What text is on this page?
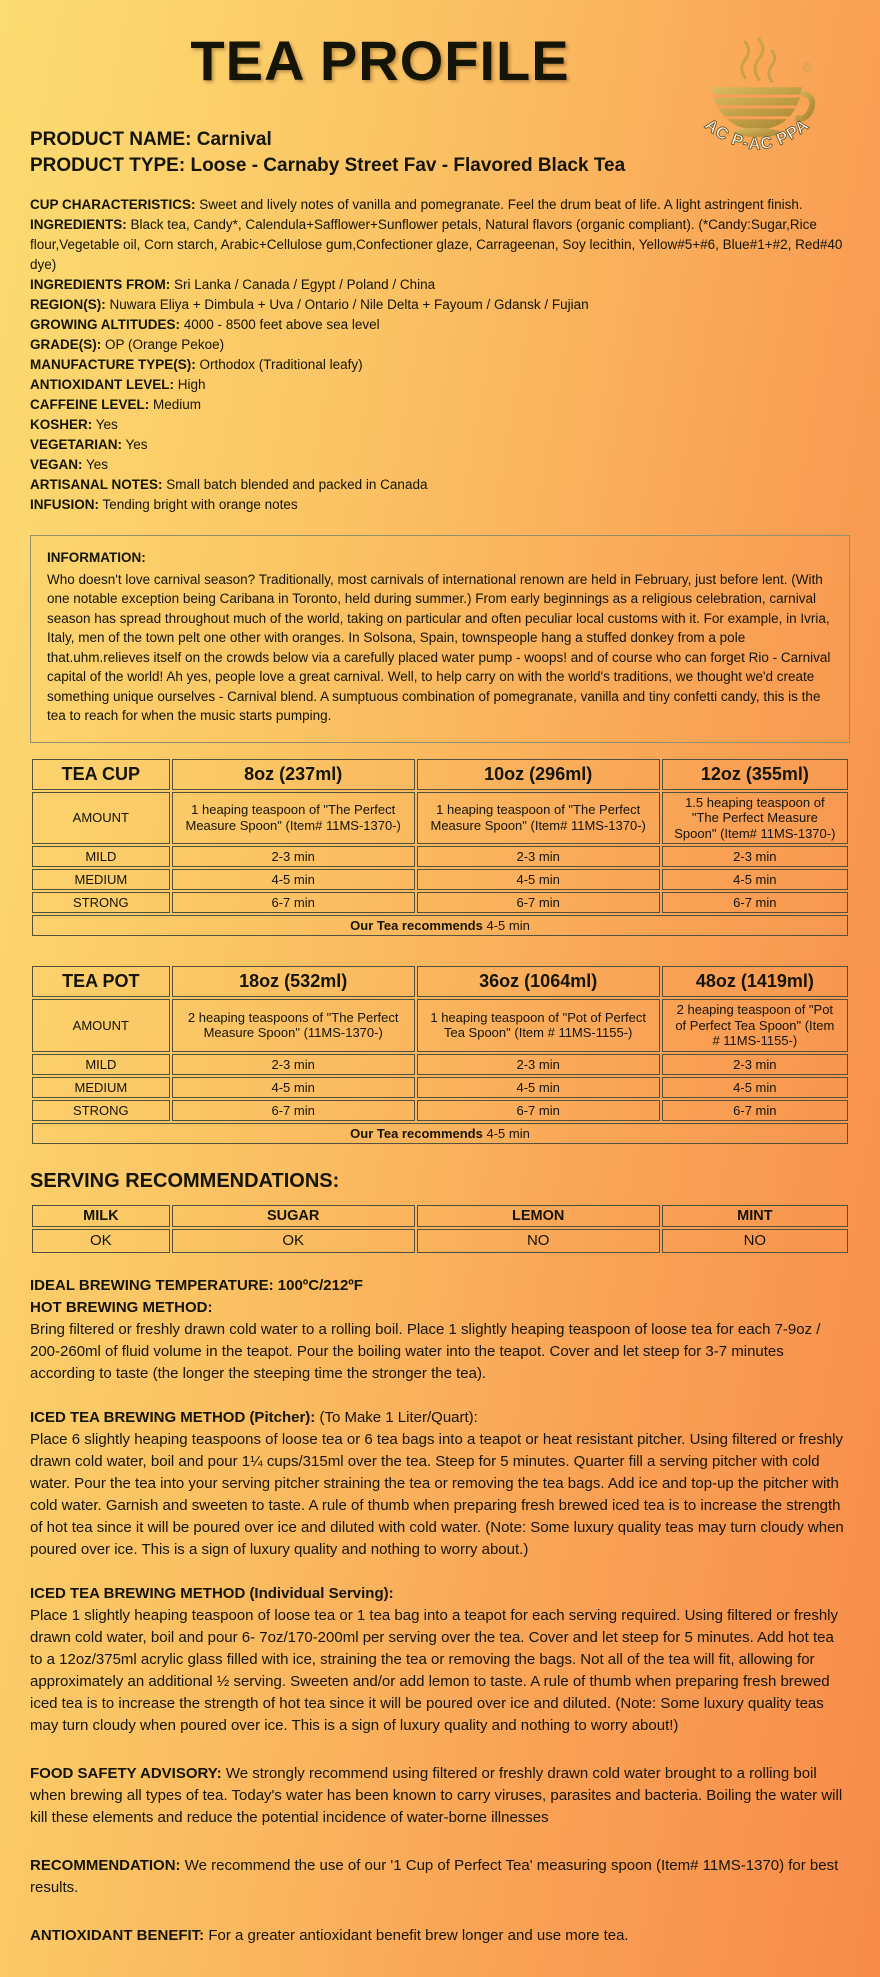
TEA PROFILE	©
AC P-AC PPA
PRODUCT NAME: Carnival
PRODUCT TYPE: Loose - Carnaby Street Fav - Flavored Black Tea
CUP CHARACTERISTICS: Sweet and lively notes of vanilla and pomegranate. Feel the drum beat of life. A light astringent finish.
INGREDIENTS: Black tea, Candy*, Calendula+Safflower+Sunflower petals, Natural flavors (organic compliant). (*Candy:Sugar,Rice flour,Vegetable oil, Corn starch, Arabic+Cellulose gum,Confectioner glaze, Carrageenan, Soy lecithin, Yellow#5+#6, Blue#1+#2, Red#40 dye)
INGREDIENTS FROM: Sri Lanka / Canada / Egypt / Poland / China
REGION(S): Nuwara Eliya + Dimbula + Uva / Ontario / Nile Delta + Fayoum / Gdansk / Fujian
GROWING ALTITUDES: 4000 - 8500 feet above sea level
GRADE(S): OP (Orange Pekoe)
MANUFACTURE TYPE(S): Orthodox (Traditional leafy)
ANTIOXIDANT LEVEL: High
CAFFEINE LEVEL: Medium
KOSHER: Yes
VEGETARIAN: Yes
VEGAN: Yes
ARTISANAL NOTES: Small batch blended and packed in Canada
INFUSION: Tending bright with orange notes
INFORMATION:
Who doesn't love carnival season? Traditionally, most carnivals of international renown are held in February, just before lent. (With one notable exception being Caribana in Toronto, held during summer.) From early beginnings as a religious celebration, carnival season has spread throughout much of the world, taking on particular and often peculiar local customs with it. For example, in Ivria, Italy, men of the town pelt one other with oranges. In Solsona, Spain, townspeople hang a stuffed donkey from a pole that.uhm.relieves itself on the crowds below via a carefully placed water pump - woops! and of course who can forget Rio - Carnival capital of the world! Ah yes, people love a great carnival. Well, to help carry on with the world's traditions, we thought we'd create something unique ourselves - Carnival blend. A sumptuous combination of pomegranate, vanilla and tiny confetti candy, this is the tea to reach for when the music starts pumping.
TEA CUP	8oz (237ml)	10oz (296ml)	12oz (355ml)
AMOUNT	1 heaping teaspoon of "The Perfect Measure Spoon" (Item# 11MS-1370-)	1 heaping teaspoon of "The Perfect Measure Spoon" (Item# 11MS-1370-)	1.5 heaping teaspoon of "The Perfect Measure Spoon" (Item# 11MS-1370-)
MILD	2-3 min	2-3 min	2-3 min
MEDIUM	4-5 min	4-5 min	4-5 min
STRONG	6-7 min	6-7 min	6-7 min
Our Tea recommends 4-5 min			
TEA POT	18oz (532ml)	36oz (1064ml)	48oz (1419ml)
AMOUNT	2 heaping teaspoons of "The Perfect Measure Spoon" (11MS-1370-)	1 heaping teaspoon of "Pot of Perfect Tea Spoon" (Item # 11MS-1155-)	2 heaping teaspoon of "Pot of Perfect Tea Spoon" (Item # 11MS-1155-)
MILD	2-3 min	2-3 min	2-3 min
MEDIUM	4-5 min	4-5 min	4-5 min
STRONG	6-7 min	6-7 min	6-7 min
Our Tea recommends 4-5 min			
SERVING RECOMMENDATIONS:
MILK	SUGAR	LEMON	MINT
OK	OK	NO	NO
IDEAL BREWING TEMPERATURE: 100ºC/212ºF
HOT BREWING METHOD:

Bring filtered or freshly drawn cold water to a rolling boil. Place 1 slightly heaping teaspoon of loose tea for each 7-9oz / 200-260ml of fluid volume in the teapot. Pour the boiling water into the teapot. Cover and let steep for 3-7 minutes according to taste (the longer the steeping time the stronger the tea).

ICED TEA BREWING METHOD (Pitcher): (To Make 1 Liter/Quart):

Place 6 slightly heaping teaspoons of loose tea or 6 tea bags into a teapot or heat resistant pitcher. Using filtered or freshly drawn cold water, boil and pour 1¼ cups/315ml over the tea. Steep for 5 minutes. Quarter fill a serving pitcher with cold water. Pour the tea into your serving pitcher straining the tea or removing the tea bags. Add ice and top-up the pitcher with cold water. Garnish and sweeten to taste. A rule of thumb when preparing fresh brewed iced tea is to increase the strength of hot tea since it will be poured over ice and diluted with cold water. (Note: Some luxury quality teas may turn cloudy when poured over ice. This is a sign of luxury quality and nothing to worry about.)

ICED TEA BREWING METHOD (Individual Serving):

Place 1 slightly heaping teaspoon of loose tea or 1 tea bag into a teapot for each serving required. Using filtered or freshly drawn cold water, boil and pour 6- 7oz/170-200ml per serving over the tea. Cover and let steep for 5 minutes. Add hot tea to a 12oz/375ml acrylic glass filled with ice, straining the tea or removing the bags. Not all of the tea will fit, allowing for approximately an additional ½ serving. Sweeten and/or add lemon to taste. A rule of thumb when preparing fresh brewed iced tea is to increase the strength of hot tea since it will be poured over ice and diluted. (Note: Some luxury quality teas may turn cloudy when poured over ice. This is a sign of luxury quality and nothing to worry about!)

FOOD SAFETY ADVISORY: We strongly recommend using filtered or freshly drawn cold water brought to a rolling boil when brewing all types of tea. Today's water has been known to carry viruses, parasites and bacteria. Boiling the water will kill these elements and reduce the potential incidence of water-borne illnesses
RECOMMENDATION: We recommend the use of our '1 Cup of Perfect Tea' measuring spoon (Item# 11MS-1370) for best results.
ANTIOXIDANT BENEFIT: For a greater antioxidant benefit brew longer and use more tea.
